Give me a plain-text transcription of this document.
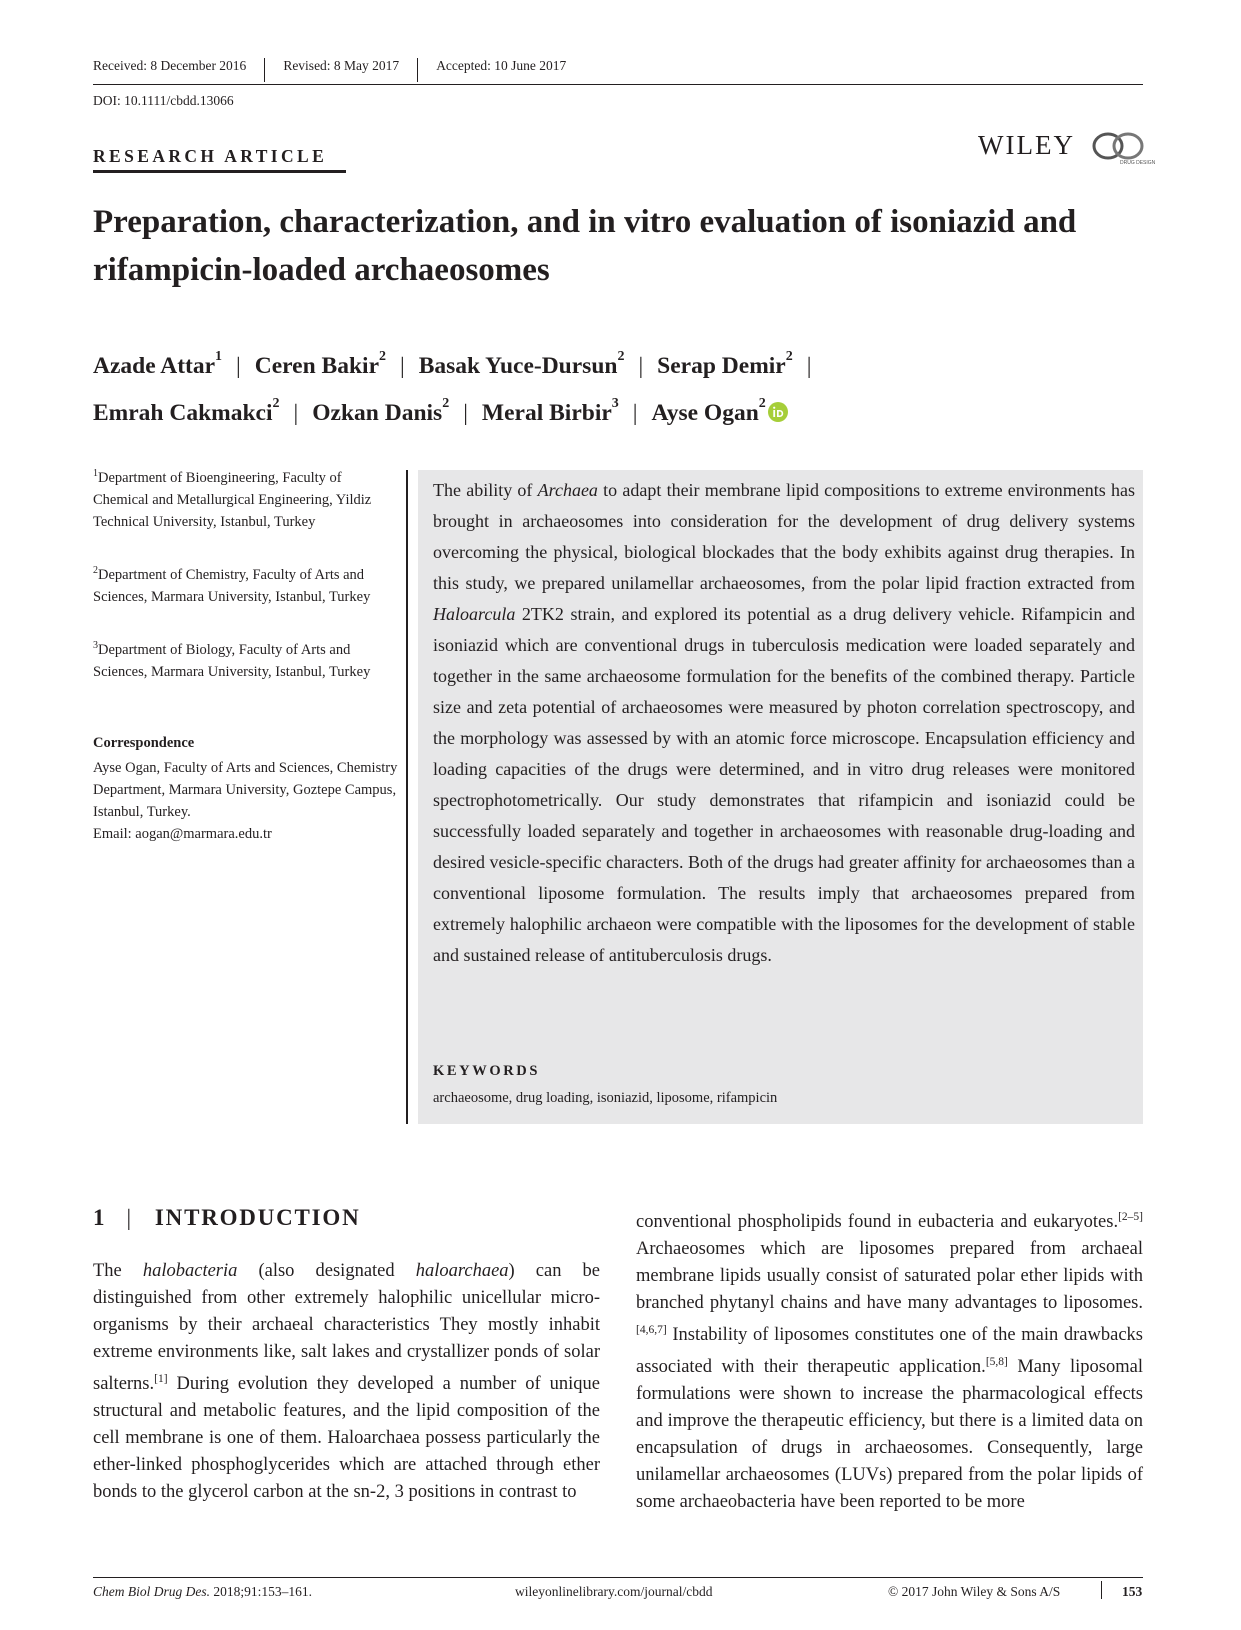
Received: 8 December 2016	Revised: 8 May 2017	Accepted: 10 June 2017
DOI: 10.1111/cbdd.13066
RESEARCH ARTICLE	WILEY
DRUG DESIGN
Preparation, characterization, and in vitro evaluation of isoniazid and rifampicin-loaded archaeosomes
Azade Attar$^1$ | Ceren Bakir$^2$ | Basak Yuce-Dursun$^2$ | Serap Demir$^2$ |
Emrah Cakmakci$^2$ | Ozkan Danis$^2$ | Meral Birbir$^3$ | Ayse Ogan$^2$
$^1$Department of Bioengineering, Faculty of Chemical and Metallurgical Engineering, Yildiz Technical University, Istanbul, Turkey
$^2$Department of Chemistry, Faculty of Arts and Sciences, Marmara University, Istanbul, Turkey
$^3$Department of Biology, Faculty of Arts and Sciences, Marmara University, Istanbul, Turkey
Correspondence
Ayse Ogan, Faculty of Arts and Sciences, Chemistry Department, Marmara University, Goztepe Campus, Istanbul, Turkey.
Email: aogan@marmara.edu.tr

The ability of Archaea to adapt their membrane lipid compositions to extreme environments has brought in archaeosomes into consideration for the development of drug delivery systems overcoming the physical, biological blockades that the body exhibits against drug therapies. In this study, we prepared unilamellar archaeosomes, from the polar lipid fraction extracted from Haloarcula 2TK2 strain, and explored its potential as a drug delivery vehicle. Rifampicin and isoniazid which are conventional drugs in tuberculosis medication were loaded separately and together in the same archaeosome formulation for the benefits of the combined therapy. Particle size and zeta potential of archaeosomes were measured by photon correlation spectroscopy, and the morphology was assessed by with an atomic force microscope. Encapsulation efficiency and loading capacities of the drugs were determined, and in vitro drug releases were monitored spectrophotometrically. Our study demonstrates that rifampicin and isoniazid could be successfully loaded separately and together in archaeosomes with reasonable drug-loading and desired vesicle-specific characters. Both of the drugs had greater affinity for archaeosomes than a conventional liposome formulation. The results imply that archaeosomes prepared from extremely halophilic archaeon were compatible with the liposomes for the development of stable and sustained release of antituberculosis drugs.

KEYWORDS
archaeosome, drug loading, isoniazid, liposome, rifampicin
1 | INTRODUCTION

The halobacteria (also designated haloarchaea) can be distinguished from other extremely halophilic unicellular micro-organisms by their archaeal characteristics They mostly inhabit extreme environments like, salt lakes and crystallizer ponds of solar salterns.[1] During evolution they developed a number of unique structural and metabolic features, and the lipid composition of the cell membrane is one of them. Haloarchaea possess particularly the ether-linked phosphoglycerides which are attached through ether bonds to the glycerol carbon at the sn-2, 3 positions in contrast to

conventional phospholipids found in eubacteria and eukaryotes.[2–5] Archaeosomes which are liposomes prepared from archaeal membrane lipids usually consist of saturated polar ether lipids with branched phytanyl chains and have many advantages to liposomes.[4,6,7] Instability of liposomes constitutes one of the main drawbacks associated with their therapeutic application.[5,8] Many liposomal formulations were shown to increase the pharmacological effects and improve the therapeutic efficiency, but there is a limited data on encapsulation of drugs in archaeosomes. Consequently, large unilamellar archaeosomes (LUVs) prepared from the polar lipids of some archaeobacteria have been reported to be more

Chem Biol Drug Des. 2018;91:153–161.	wileyonlinelibrary.com/journal/cbdd	© 2017 John Wiley & Sons A/S	153
